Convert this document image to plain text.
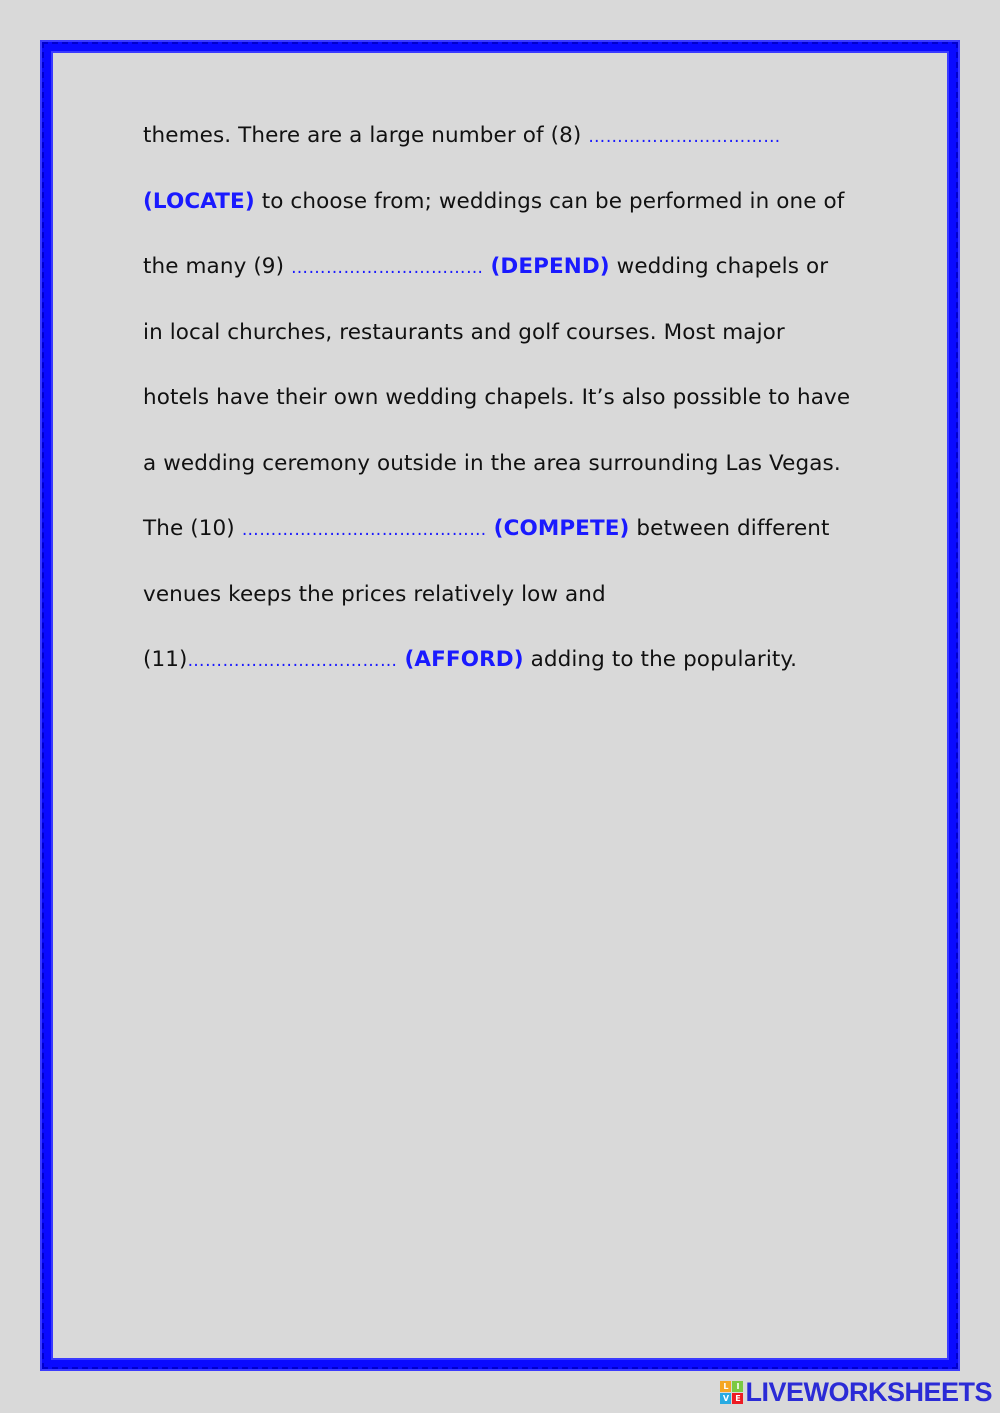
themes. There are a large number of (8) ……………………………
(LOCATE) to choose from; weddings can be performed in one of
the many (9) …………………………… (DEPEND) wedding chapels or
in local churches, restaurants and golf courses. Most major
hotels have their own wedding chapels. It’s also possible to have
a wedding ceremony outside in the area surrounding Las Vegas.
The (10) …………………………………… (COMPETE) between different
venues keeps the prices relatively low and
(11)……………………………… (AFFORD) adding to the popularity.
L I
V E LIVEWORKSHEETS
